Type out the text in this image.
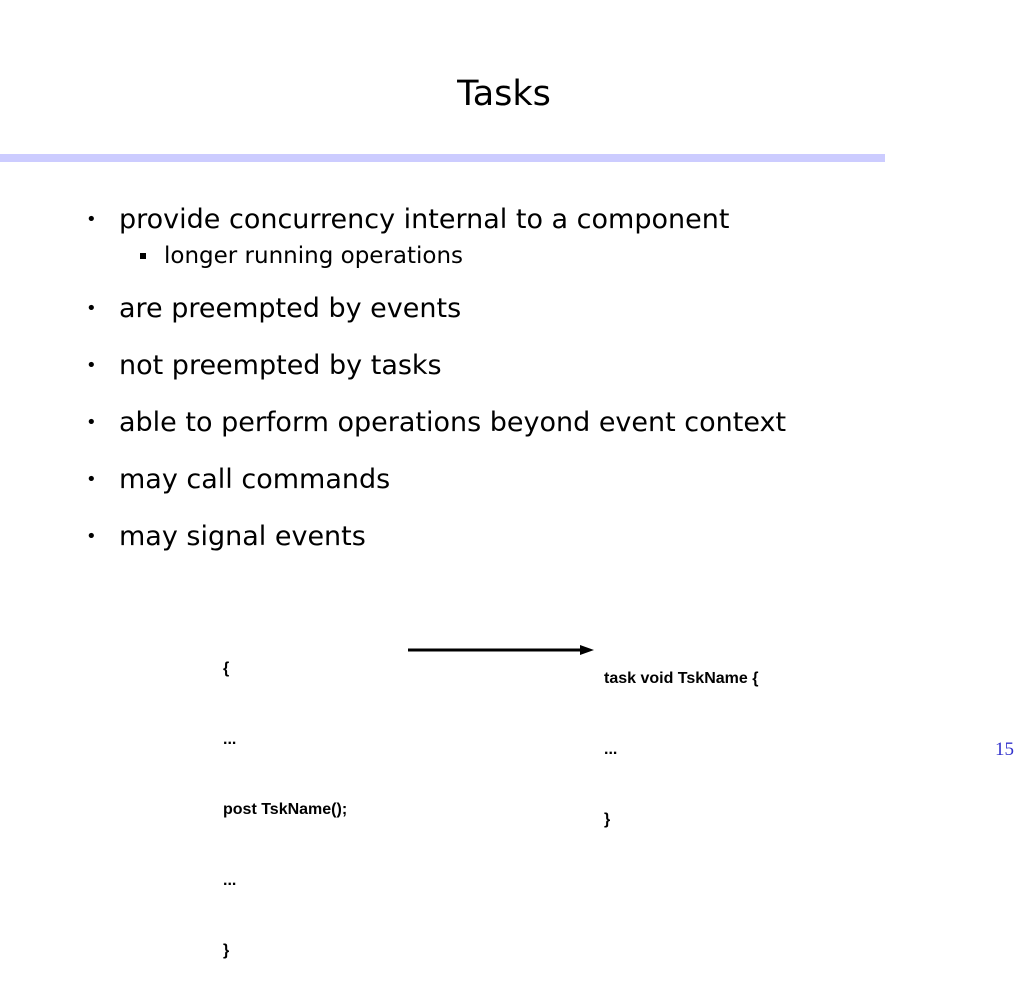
Tasks
• provide concurrency internal to a component
longer running operations
• are preempted by events
• not preempted by tasks
• able to perform operations beyond event context
• may call commands
• may signal events

{

...

post TskName();

...

}

task void TskName {

...

}

15
